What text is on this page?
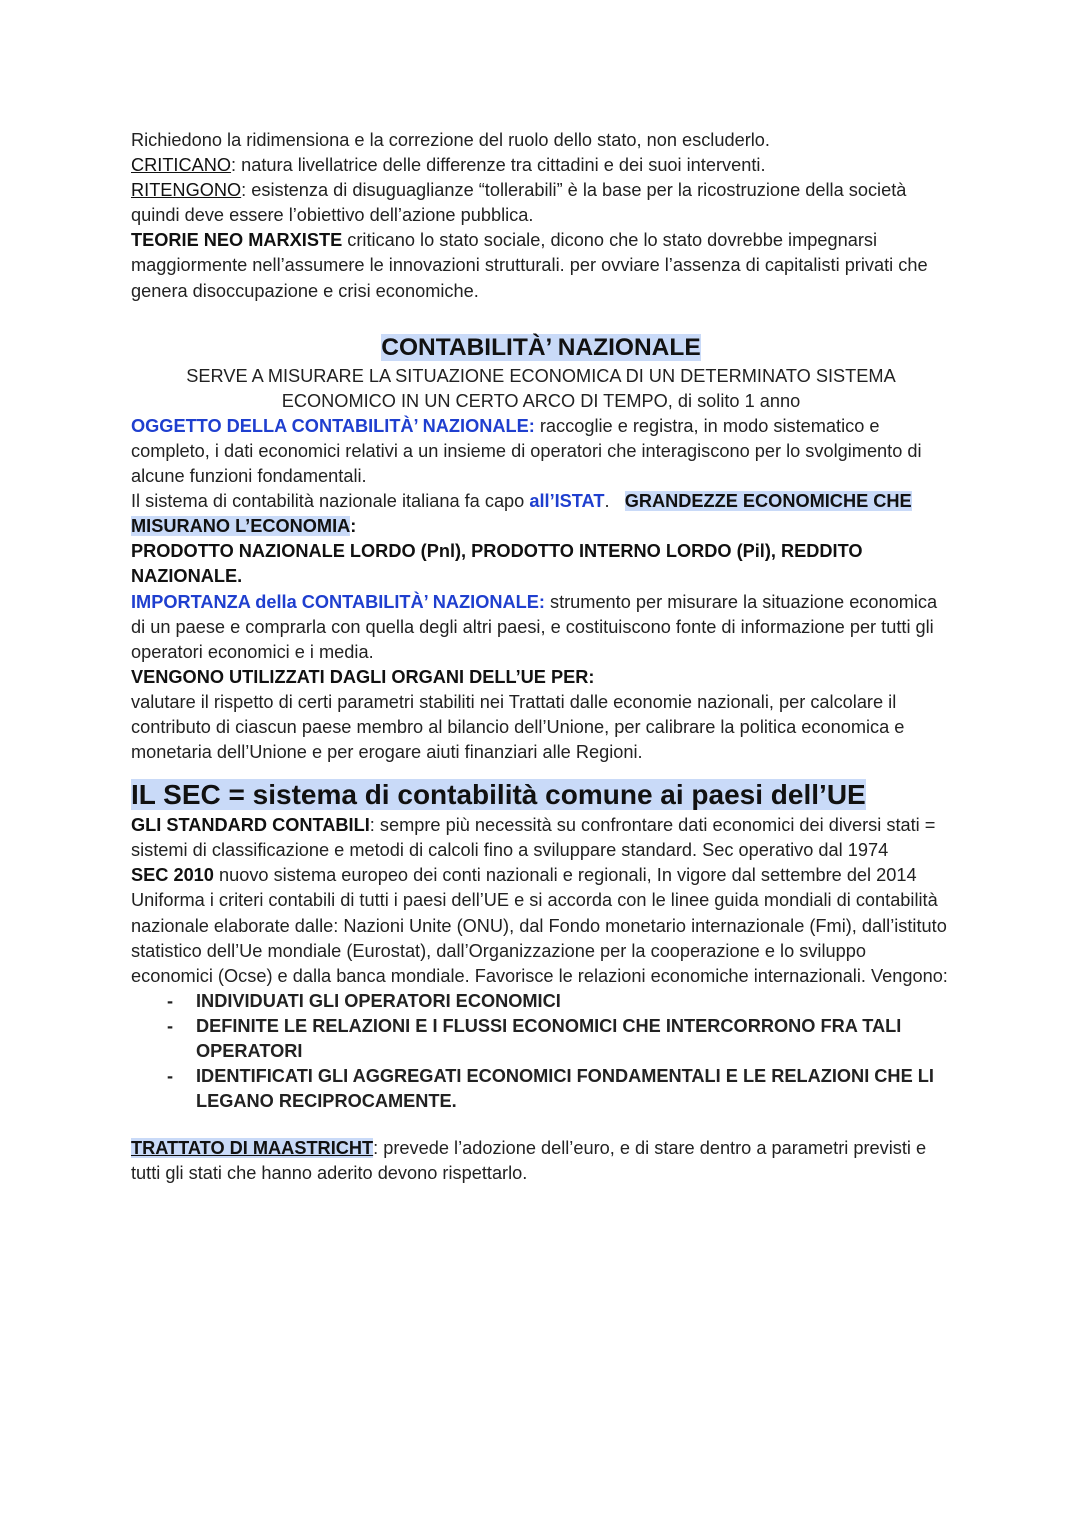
Richiedono la ridimensiona e la correzione del ruolo dello stato, non escluderlo.
CRITICANO: natura livellatrice delle differenze tra cittadini e dei suoi interventi.
RITENGONO: esistenza di disuguaglianze “tollerabili” è la base per la ricostruzione della società quindi deve essere l’obiettivo dell’azione pubblica.
TEORIE NEO MARXISTE criticano lo stato sociale, dicono che lo stato dovrebbe impegnarsi maggiormente nell’assumere le innovazioni strutturali. per ovviare l’assenza di capitalisti privati che genera disoccupazione e crisi economiche.
CONTABILITÀ’ NAZIONALE
SERVE A MISURARE LA SITUAZIONE ECONOMICA DI UN DETERMINATO SISTEMA ECONOMICO IN UN CERTO ARCO DI TEMPO, di solito 1 anno
OGGETTO DELLA CONTABILITÀ’ NAZIONALE: raccoglie e registra, in modo sistematico e completo, i dati economici relativi a un insieme di operatori che interagiscono per lo svolgimento di alcune funzioni fondamentali.
Il sistema di contabilità nazionale italiana fa capo all’ISTAT.   GRANDEZZE ECONOMICHE CHE MISURANO L’ECONOMIA:
PRODOTTO NAZIONALE LORDO (Pnl), PRODOTTO INTERNO LORDO (Pil), REDDITO NAZIONALE.
IMPORTANZA della CONTABILITÀ’ NAZIONALE: strumento per misurare la situazione economica di un paese e comprarla con quella degli altri paesi, e costituiscono fonte di informazione per tutti gli operatori economici e i media.
VENGONO UTILIZZATI DAGLI ORGANI DELL’UE PER:
valutare il rispetto di certi parametri stabiliti nei Trattati dalle economie nazionali, per calcolare il contributo di ciascun paese membro al bilancio dell’Unione, per calibrare la politica economica e monetaria dell’Unione e per erogare aiuti finanziari alle Regioni.
IL SEC = sistema di contabilità comune ai paesi dell’UE
GLI STANDARD CONTABILI: sempre più necessità su confrontare dati economici dei diversi stati = sistemi di classificazione e metodi di calcoli fino a sviluppare standard. Sec operativo dal 1974
SEC 2010 nuovo sistema europeo dei conti nazionali e regionali, In vigore dal settembre del 2014
Uniforma i criteri contabili di tutti i paesi dell’UE e si accorda con le linee guida mondiali di contabilità nazionale elaborate dalle: Nazioni Unite (ONU), dal Fondo monetario internazionale (Fmi), dall’istituto statistico dell’Ue mondiale (Eurostat), dall’Organizzazione per la cooperazione e lo sviluppo economici (Ocse) e dalla banca mondiale. Favorisce le relazioni economiche internazionali. Vengono:
- INDIVIDUATI GLI OPERATORI ECONOMICI
- DEFINITE LE RELAZIONI E I FLUSSI ECONOMICI CHE INTERCORRONO FRA TALI OPERATORI
- IDENTIFICATI GLI AGGREGATI ECONOMICI FONDAMENTALI E LE RELAZIONI CHE LI LEGANO RECIPROCAMENTE.
TRATTATO DI MAASTRICHT: prevede l’adozione dell’euro, e di stare dentro a parametri previsti e tutti gli stati che hanno aderito devono rispettarlo.
